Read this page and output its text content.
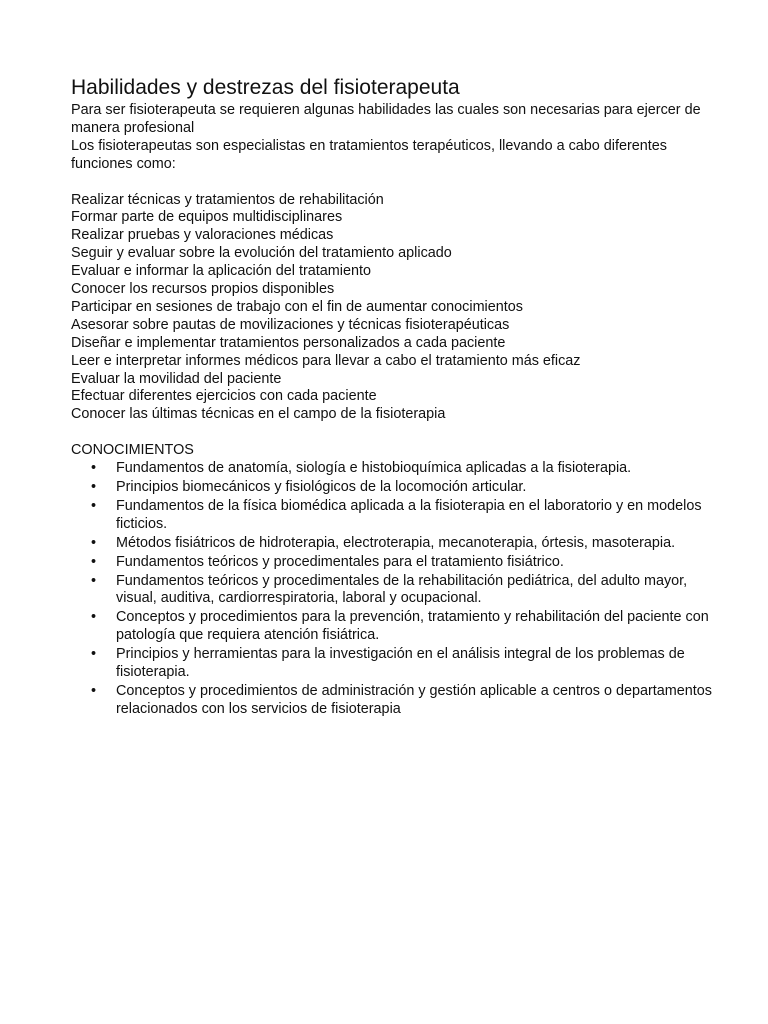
Habilidades y destrezas del fisioterapeuta

Para ser fisioterapeuta se requieren algunas habilidades las cuales son necesarias para ejercer de manera profesional

Los fisioterapeutas son especialistas en tratamientos terapéuticos, llevando a cabo diferentes funciones como:

Realizar técnicas y tratamientos de rehabilitación

Formar parte de equipos multidisciplinares

Realizar pruebas y valoraciones médicas

Seguir y evaluar sobre la evolución del tratamiento aplicado

Evaluar e informar la aplicación del tratamiento

Conocer los recursos propios disponibles

Participar en sesiones de trabajo con el fin de aumentar conocimientos

Asesorar sobre pautas de movilizaciones y técnicas fisioterapéuticas

Diseñar e implementar tratamientos personalizados a cada paciente

Leer e interpretar informes médicos para llevar a cabo el tratamiento más eficaz

Evaluar la movilidad del paciente

Efectuar diferentes ejercicios con cada paciente

Conocer las últimas técnicas en el campo de la fisioterapia

CONOCIMIENTOS

• Fundamentos de anatomía, siología e histobioquímica aplicadas a la fisioterapia.
• Principios biomecánicos y fisiológicos de la locomoción articular.
• Fundamentos de la física biomédica aplicada a la fisioterapia en el laboratorio y en modelos ficticios.
• Métodos fisiátricos de hidroterapia, electroterapia, mecanoterapia, órtesis, masoterapia.
• Fundamentos teóricos y procedimentales para el tratamiento fisiátrico.
• Fundamentos teóricos y procedimentales de la rehabilitación pediátrica, del adulto mayor, visual, auditiva, cardiorrespiratoria, laboral y ocupacional.
• Conceptos y procedimientos para la prevención, tratamiento y rehabilitación del paciente con patología que requiera atención fisiátrica.
• Principios y herramientas para la investigación en el análisis integral de los problemas de fisioterapia.
• Conceptos y procedimientos de administración y gestión aplicable a centros o departamentos relacionados con los servicios de fisioterapia
